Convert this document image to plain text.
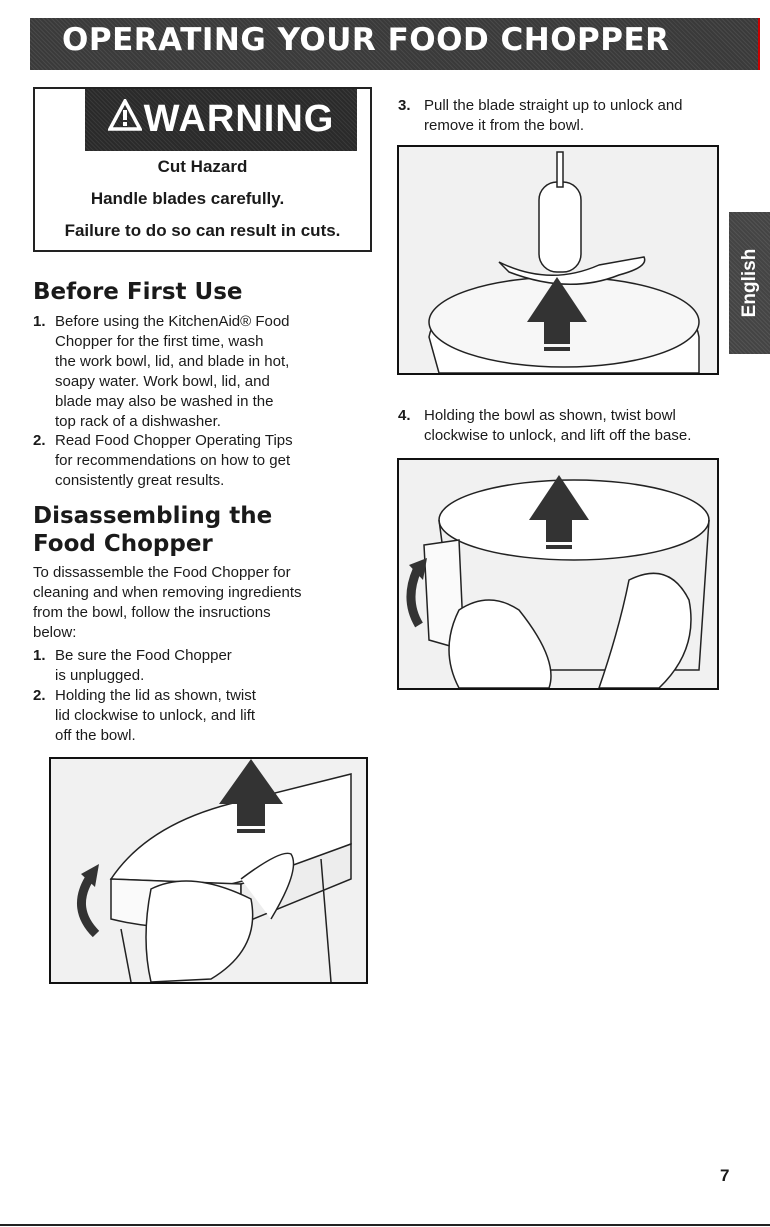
OPERATING YOUR FOOD CHOPPER
WARNING
Cut Hazard
Handle blades carefully.
Failure to do so can result in cuts.
Before First Use
1. Before using the KitchenAid® Food
Chopper for the first time, wash
the work bowl, lid, and blade in hot,
soapy water. Work bowl, lid, and
blade may also be washed in the
top rack of a dishwasher.
2. Read Food Chopper Operating Tips
for recommendations on how to get
consistently great results.
Disassembling the
Food Chopper
To dissassemble the Food Chopper for
cleaning and when removing ingredients
from the bowl, follow the insructions
below:
1. Be sure the Food Chopper
is unplugged.
2. Holding the lid as shown, twist
lid clockwise to unlock, and lift
off the bowl.
3. Pull the blade straight up to unlock and
remove it from the bowl.
4. Holding the bowl as shown, twist bowl
clockwise to unlock, and lift off the base.
English
7
